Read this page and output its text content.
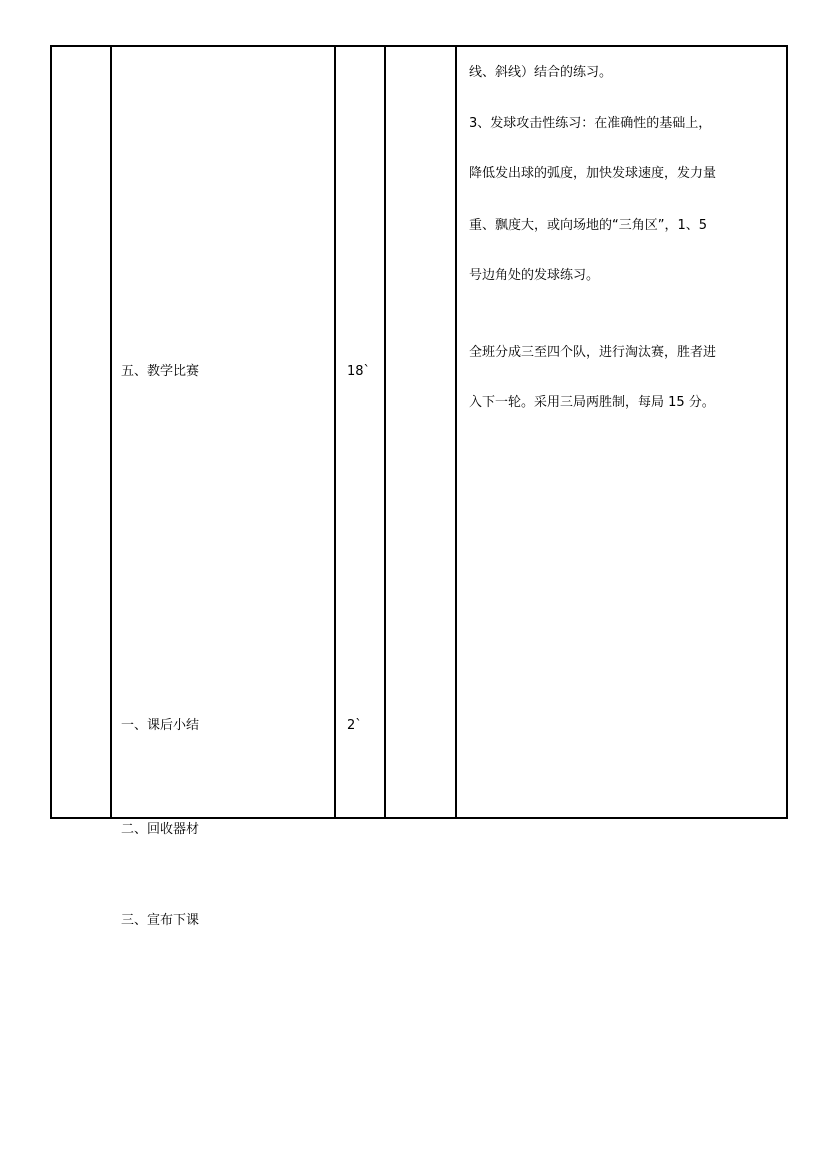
五、教学比赛
一、课后小结
二、回收器材
三、宣布下课
18`
2`
线、斜线）结合的练习。
3、发球攻击性练习：在准确性的基础上，
降低发出球的弧度，加快发球速度，发力量
重、飘度大，或向场地的“三角区”，1、5
号边角处的发球练习。
全班分成三至四个队，进行淘汰赛，胜者进
入下一轮。采用三局两胜制，每局 15 分。
